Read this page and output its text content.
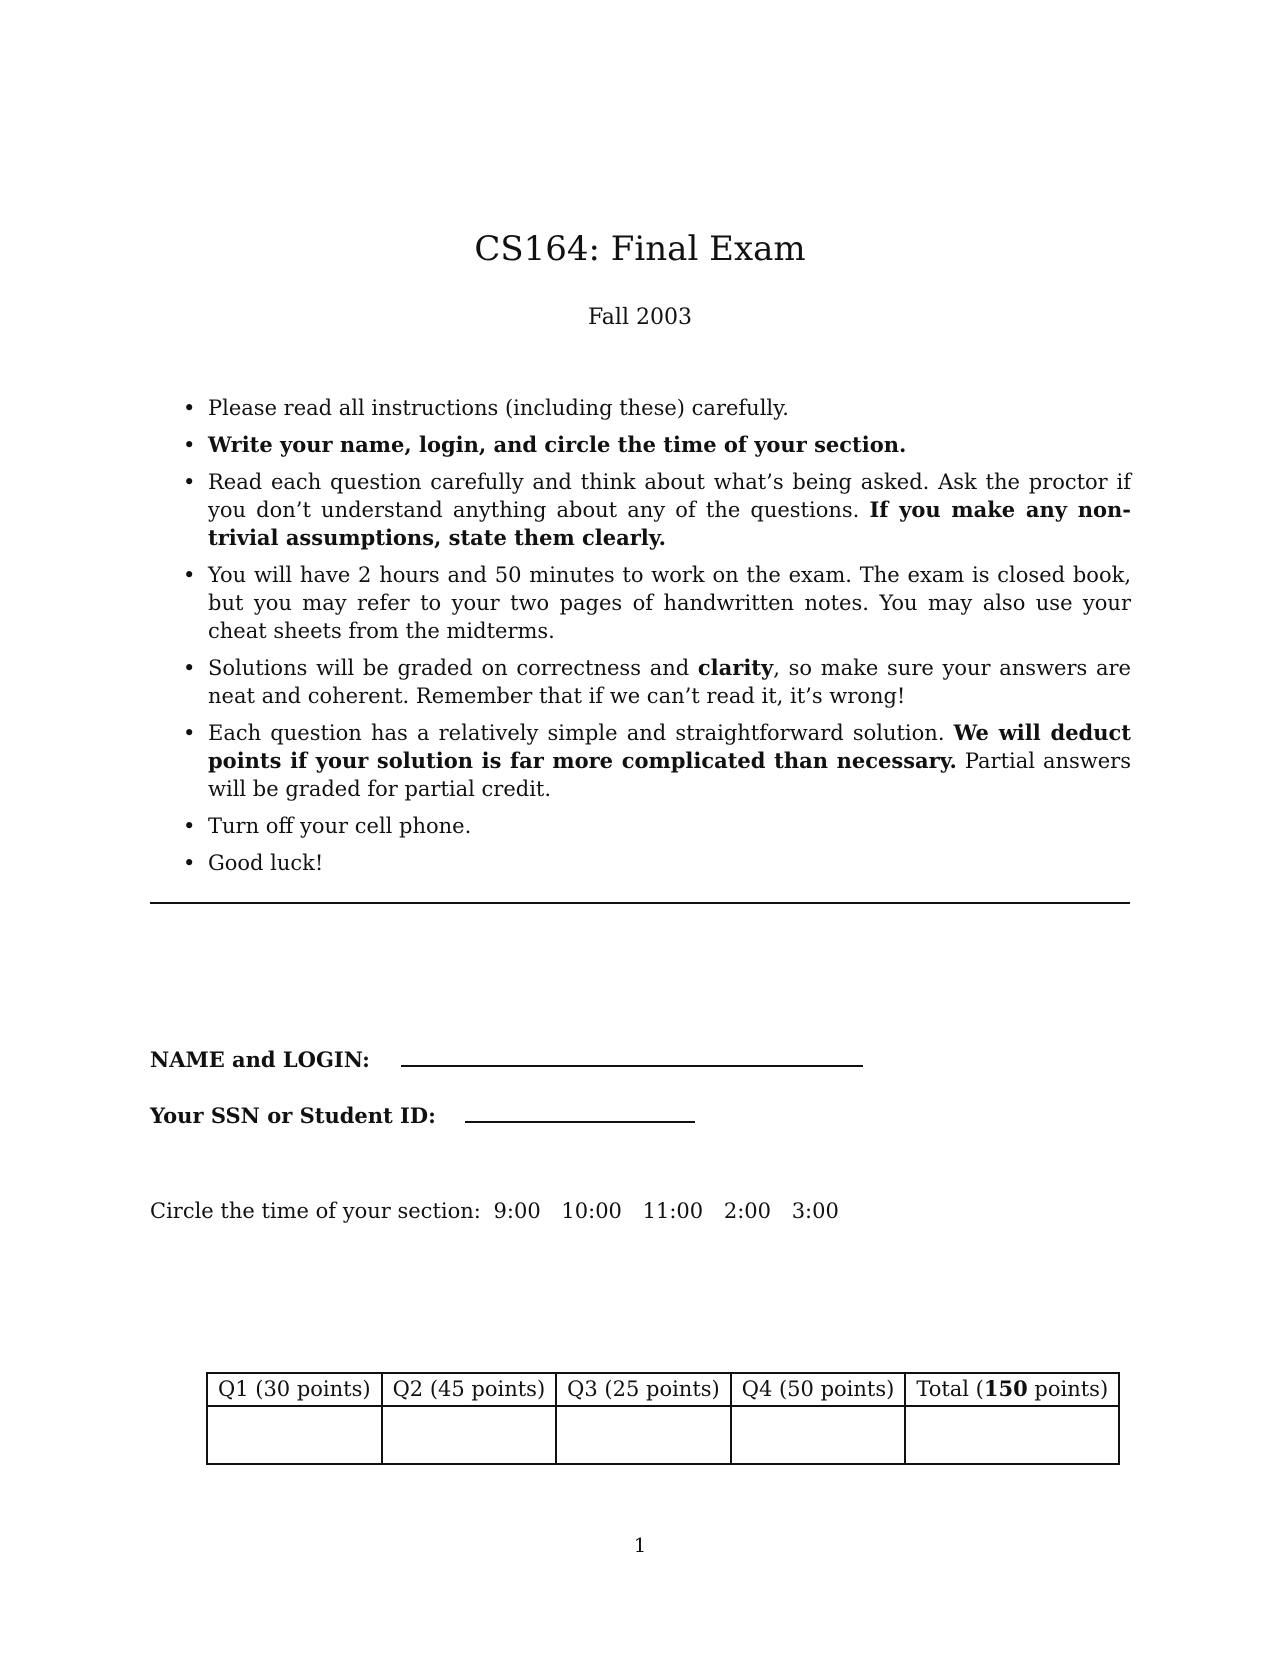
CS164: Final Exam
Fall 2003
• Please read all instructions (including these) carefully.
• Write your name, login, and circle the time of your section.
• Read each question carefully and think about what’s being asked. Ask the proctor if you don’t understand anything about any of the questions. If you make any non-trivial assumptions, state them clearly.
• You will have 2 hours and 50 minutes to work on the exam. The exam is closed book, but you may refer to your two pages of handwritten notes. You may also use your cheat sheets from the midterms.
• Solutions will be graded on correctness and clarity, so make sure your answers are neat and coherent. Remember that if we can’t read it, it’s wrong!
• Each question has a relatively simple and straightforward solution. We will deduct points if your solution is far more complicated than necessary. Partial answers will be graded for partial credit.
• Turn off your cell phone.
• Good luck!
NAME and LOGIN:
Your SSN or Student ID:
Circle the time of your section: 9:00 10:00 11:00 2:00 3:00
Q1 (30 points)	Q2 (45 points)	Q3 (25 points)	Q4 (50 points)	Total (150 points)

1
